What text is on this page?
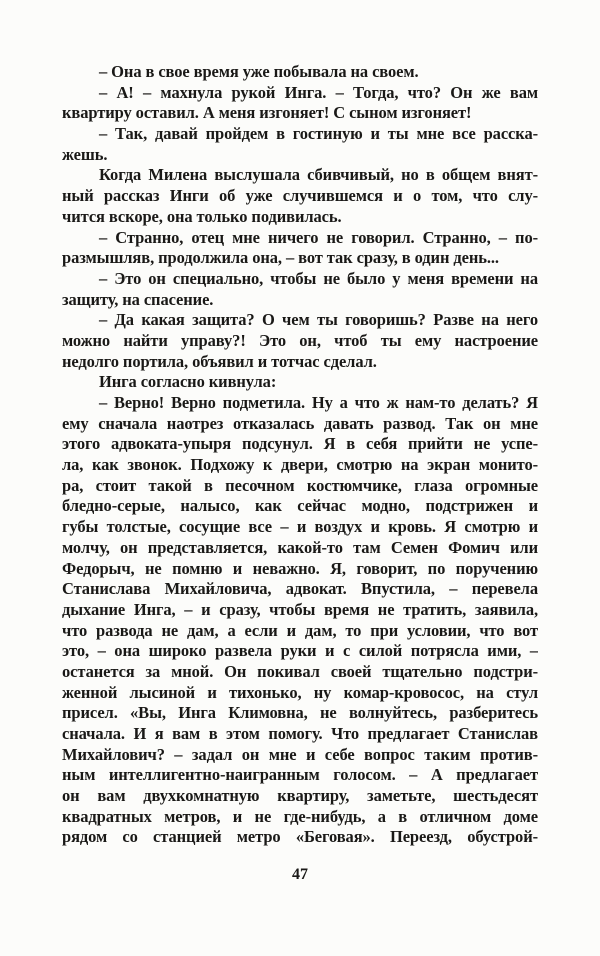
– Она в свое время уже побывала на своем.
– А! – махнула рукой Инга. – Тогда, что? Он же вам
квартиру оставил. А меня изгоняет! С сыном изгоняет!
– Так, давай пройдем в гостиную и ты мне все расска-
жешь.
Когда Милена выслушала сбивчивый, но в общем внят-
ный рассказ Инги об уже случившемся и о том, что слу-
чится вскоре, она только подивилась.
– Странно, отец мне ничего не говорил. Странно, – по-
размышляв, продолжила она, – вот так сразу, в один день...
– Это он специально, чтобы не было у меня времени на
защиту, на спасение.
– Да какая защита? О чем ты говоришь? Разве на него
можно найти управу?! Это он, чтоб ты ему настроение
недолго портила, объявил и тотчас сделал.
Инга согласно кивнула:
– Верно! Верно подметила. Ну а что ж нам-то делать? Я
ему сначала наотрез отказалась давать развод. Так он мне
этого адвоката-упыря подсунул. Я в себя прийти не успе-
ла, как звонок. Подхожу к двери, смотрю на экран монито-
ра, стоит такой в песочном костюмчике, глаза огромные
бледно-серые, налысо, как сейчас модно, подстрижен и
губы толстые, сосущие все – и воздух и кровь. Я смотрю и
молчу, он представляется, какой-то там Семен Фомич или
Федорыч, не помню и неважно. Я, говорит, по поручению
Станислава Михайловича, адвокат. Впустила, – перевела
дыхание Инга, – и сразу, чтобы время не тратить, заявила,
что развода не дам, а если и дам, то при условии, что вот
это, – она широко развела руки и с силой потрясла ими, –
останется за мной. Он покивал своей тщательно подстри-
женной лысиной и тихонько, ну комар-кровосос, на стул
присел. «Вы, Инга Климовна, не волнуйтесь, разберитесь
сначала. И я вам в этом помогу. Что предлагает Станислав
Михайлович? – задал он мне и себе вопрос таким против-
ным интеллигентно-наигранным голосом. – А предлагает
он вам двухкомнатную квартиру, заметьте, шестьдесят
квадратных метров, и не где-нибудь, а в отличном доме
рядом со станцией метро «Беговая». Переезд, обустрой-
47
